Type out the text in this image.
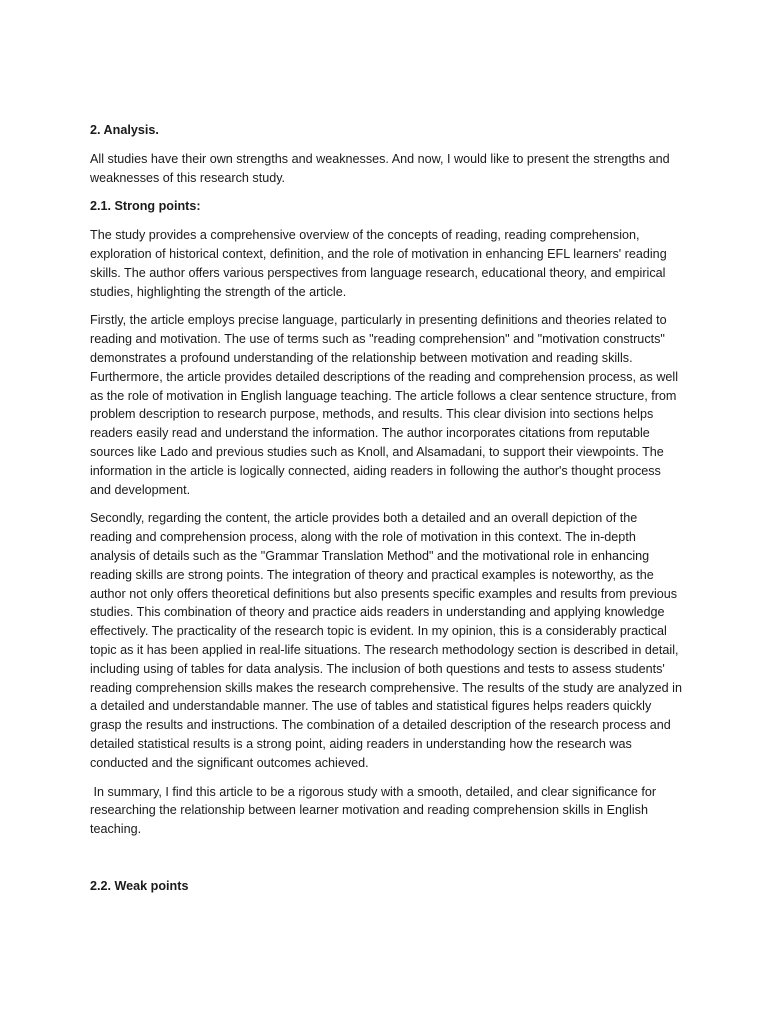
2. Analysis.
All studies have their own strengths and weaknesses. And now, I would like to present the strengths and weaknesses of this research study.
2.1. Strong points:
The study provides a comprehensive overview of the concepts of reading, reading comprehension, exploration of historical context, definition, and the role of motivation in enhancing EFL learners' reading skills. The author offers various perspectives from language research, educational theory, and empirical studies, highlighting the strength of the article.
Firstly, the article employs precise language, particularly in presenting definitions and theories related to reading and motivation. The use of terms such as "reading comprehension" and "motivation constructs" demonstrates a profound understanding of the relationship between motivation and reading skills. Furthermore, the article provides detailed descriptions of the reading and comprehension process, as well as the role of motivation in English language teaching. The article follows a clear sentence structure, from problem description to research purpose, methods, and results. This clear division into sections helps readers easily read and understand the information. The author incorporates citations from reputable sources like Lado and previous studies such as Knoll, and Alsamadani, to support their viewpoints. The information in the article is logically connected, aiding readers in following the author's thought process and development.
Secondly, regarding the content, the article provides both a detailed and an overall depiction of the reading and comprehension process, along with the role of motivation in this context. The in-depth analysis of details such as the "Grammar Translation Method" and the motivational role in enhancing reading skills are strong points. The integration of theory and practical examples is noteworthy, as the author not only offers theoretical definitions but also presents specific examples and results from previous studies. This combination of theory and practice aids readers in understanding and applying knowledge effectively. The practicality of the research topic is evident. In my opinion, this is a considerably practical topic as it has been applied in real-life situations. The research methodology section is described in detail, including using of tables for data analysis. The inclusion of both questions and tests to assess students' reading comprehension skills makes the research comprehensive. The results of the study are analyzed in a detailed and understandable manner. The use of tables and statistical figures helps readers quickly grasp the results and instructions. The combination of a detailed description of the research process and detailed statistical results is a strong point, aiding readers in understanding how the research was conducted and the significant outcomes achieved.
In summary, I find this article to be a rigorous study with a smooth, detailed, and clear significance for researching the relationship between learner motivation and reading comprehension skills in English teaching.
2.2. Weak points
